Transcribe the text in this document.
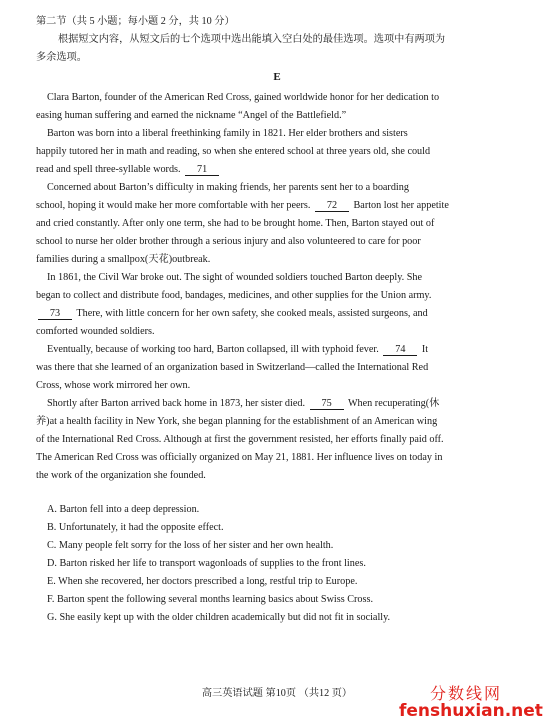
第二节（共 5 小题；每小题 2 分，共 10 分）
根据短文内容，从短文后的七个选项中选出能填入空白处的最佳选项。选项中有两项为
多余选项。
E
Clara Barton, founder of the American Red Cross, gained worldwide honor for her dedication to
easing human suffering and earned the nickname “Angel of the Battlefield.”
Barton was born into a liberal freethinking family in 1821. Her elder brothers and sisters
happily tutored her in math and reading, so when she entered school at three years old, she could
read and spell three-syllable words. 71
Concerned about Barton’s difficulty in making friends, her parents sent her to a boarding
school, hoping it would make her more comfortable with her peers. 72 Barton lost her appetite
and cried constantly. After only one term, she had to be brought home. Then, Barton stayed out of
school to nurse her older brother through a serious injury and also volunteered to care for poor
families during a smallpox(天花)outbreak.
In 1861, the Civil War broke out. The sight of wounded soldiers touched Barton deeply. She
began to collect and distribute food, bandages, medicines, and other supplies for the Union army.
73 There, with little concern for her own safety, she cooked meals, assisted surgeons, and
comforted wounded soldiers.
Eventually, because of working too hard, Barton collapsed, ill with typhoid fever. 74 It
was there that she learned of an organization based in Switzerland—called the International Red
Cross, whose work mirrored her own.
Shortly after Barton arrived back home in 1873, her sister died. 75 When recuperating(休
养)at a health facility in New York, she began planning for the establishment of an American wing
of the International Red Cross. Although at first the government resisted, her efforts finally paid off.
The American Red Cross was officially organized on May 21, 1881. Her influence lives on today in
the work of the organization she founded.
A. Barton fell into a deep depression.
B. Unfortunately, it had the opposite effect.
C. Many people felt sorry for the loss of her sister and her own health.
D. Barton risked her life to transport wagonloads of supplies to the front lines.
E. When she recovered, her doctors prescribed a long, restful trip to Europe.
F. Barton spent the following several months learning basics about Swiss Cross.
G. She easily kept up with the older children academically but did not fit in socially.
高三英语试题 第10页 （共12 页）	分数线网
fenshuxian.net
